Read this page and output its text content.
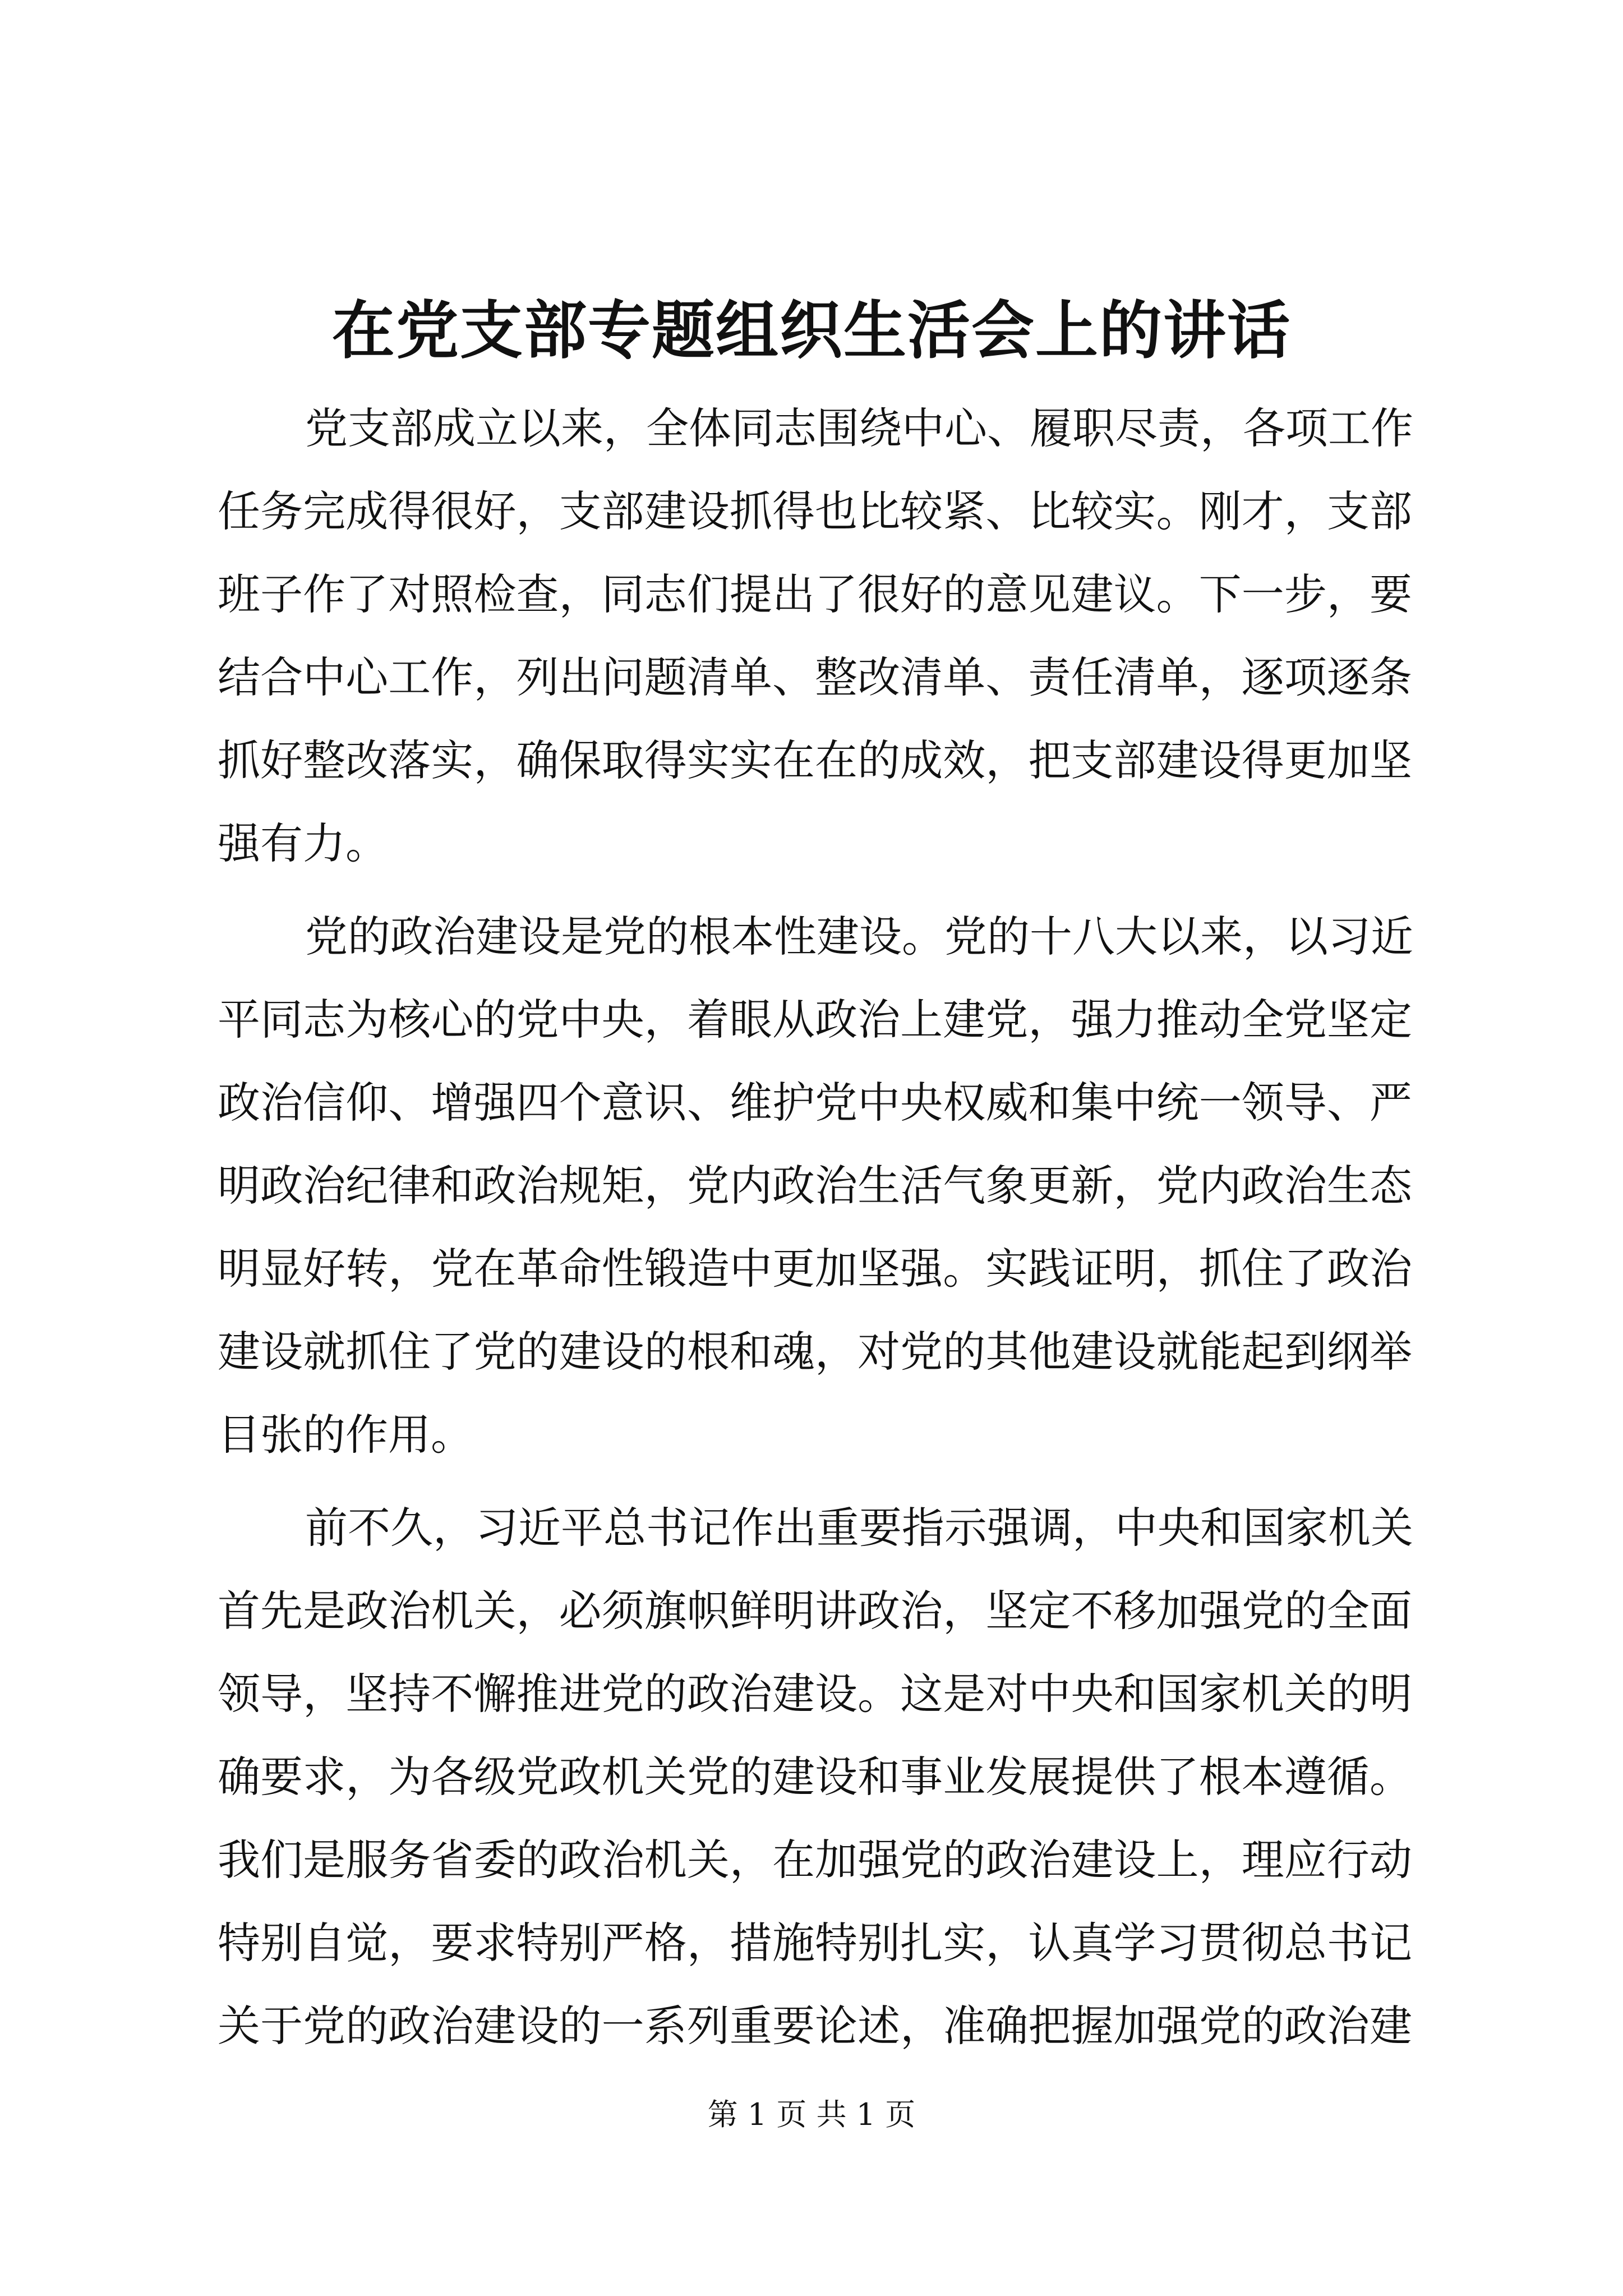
在党支部专题组织生活会上的讲话
党支部成立以来，全体同志围绕中心、履职尽责，各项工作
任务完成得很好，支部建设抓得也比较紧、比较实。刚才，支部
班子作了对照检查，同志们提出了很好的意见建议。下一步，要
结合中心工作，列出问题清单、整改清单、责任清单，逐项逐条
抓好整改落实，确保取得实实在在的成效，把支部建设得更加坚
强有力。
党的政治建设是党的根本性建设。党的十八大以来，以习近
平同志为核心的党中央，着眼从政治上建党，强力推动全党坚定
政治信仰、增强四个意识、维护党中央权威和集中统一领导、严
明政治纪律和政治规矩，党内政治生活气象更新，党内政治生态
明显好转，党在革命性锻造中更加坚强。实践证明，抓住了政治
建设就抓住了党的建设的根和魂，对党的其他建设就能起到纲举
目张的作用。
前不久，习近平总书记作出重要指示强调，中央和国家机关
首先是政治机关，必须旗帜鲜明讲政治，坚定不移加强党的全面
领导，坚持不懈推进党的政治建设。这是对中央和国家机关的明
确要求，为各级党政机关党的建设和事业发展提供了根本遵循。
我们是服务省委的政治机关，在加强党的政治建设上，理应行动
特别自觉，要求特别严格，措施特别扎实，认真学习贯彻总书记
关于党的政治建设的一系列重要论述，准确把握加强党的政治建
第 1 页 共 1 页
